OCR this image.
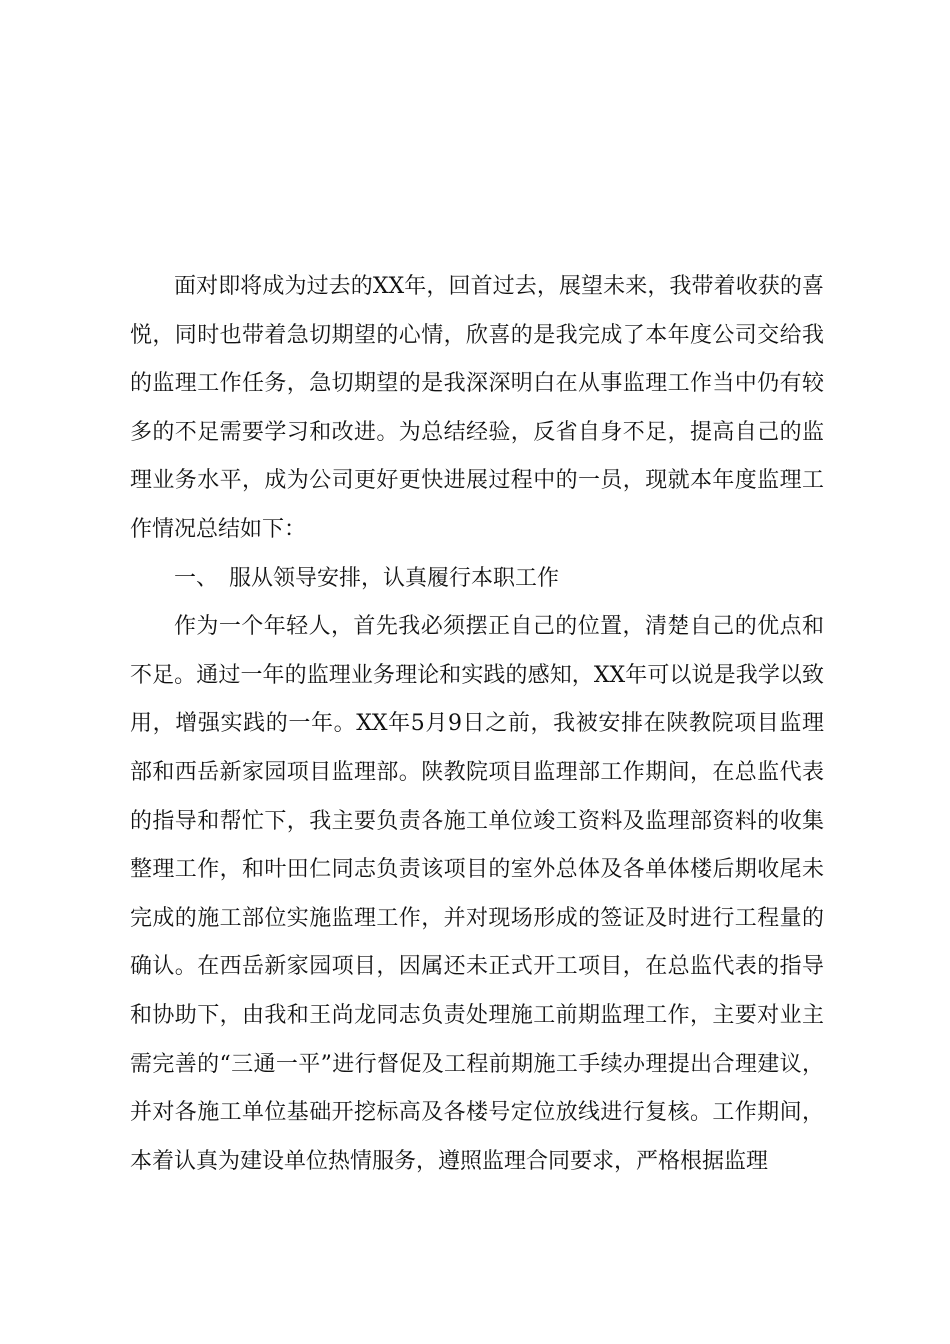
面对即将成为过去的XX年，回首过去，展望未来，我带着收获的喜悦，同时也带着急切期望的心情，欣喜的是我完成了本年度公司交给我的监理工作任务，急切期望的是我深深明白在从事监理工作当中仍有较多的不足需要学习和改进。为总结经验，反省自身不足，提高自己的监理业务水平，成为公司更好更快进展过程中的一员，现就本年度监理工作情况总结如下：

一、 服从领导安排，认真履行本职工作

作为一个年轻人，首先我必须摆正自己的位置，清楚自己的优点和不足。通过一年的监理业务理论和实践的感知，XX年可以说是我学以致用，增强实践的一年。XX年5月9日之前，我被安排在陕教院项目监理部和西岳新家园项目监理部。陕教院项目监理部工作期间，在总监代表的指导和帮忙下，我主要负责各施工单位竣工资料及监理部资料的收集整理工作，和叶田仁同志负责该项目的室外总体及各单体楼后期收尾未完成的施工部位实施监理工作，并对现场形成的签证及时进行工程量的确认。在西岳新家园项目，因属还未正式开工项目，在总监代表的指导和协助下，由我和王尚龙同志负责处理施工前期监理工作，主要对业主需完善的“三通一平”进行督促及工程前期施工手续办理提出合理建议，并对各施工单位基础开挖标高及各楼号定位放线进行复核。工作期间，本着认真为建设单位热情服务，遵照监理合同要求，严格根据监理
